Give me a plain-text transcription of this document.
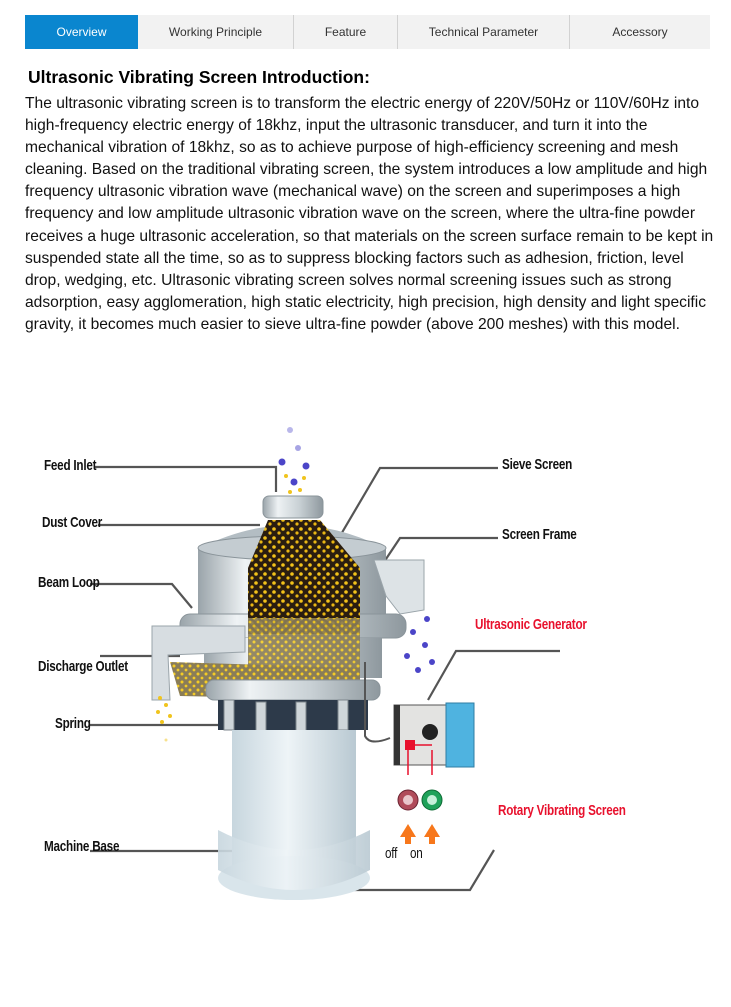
Overview	Working Principle	Feature	Technical Parameter	Accessory
Ultrasonic Vibrating Screen Introduction:

The ultrasonic vibrating screen is to transform the electric energy of 220V/50Hz or 110V/60Hz into high-frequency electric energy of 18khz, input the ultrasonic transducer, and turn it into the mechanical vibration of 18khz, so as to achieve purpose of high-efficiency screening and mesh cleaning. Based on the traditional vibrating screen, the system introduces a low amplitude and high frequency ultrasonic vibration wave (mechanical wave) on the screen and superimposes a high frequency and low amplitude ultrasonic vibration wave on the screen, where the ultra-fine powder receives a huge ultrasonic acceleration, so that materials on the screen surface remain to be kept in suspended state all the time, so as to suppress blocking factors such as adhesion, friction, level drop, wedging, etc. Ultrasonic vibrating screen solves normal screening issues such as strong adsorption, easy agglomeration, high static electricity, high precision, high density and light specific gravity, it becomes much easier to sieve ultra-fine powder (above 200 meshes) with this model.

Feed Inlet
Dust Cover
Beam Loop
Discharge Outlet
Spring
Machine Base
Sieve Screen
Screen Frame
Ultrasonic Generator
Rotary Vibrating Screen
off on
